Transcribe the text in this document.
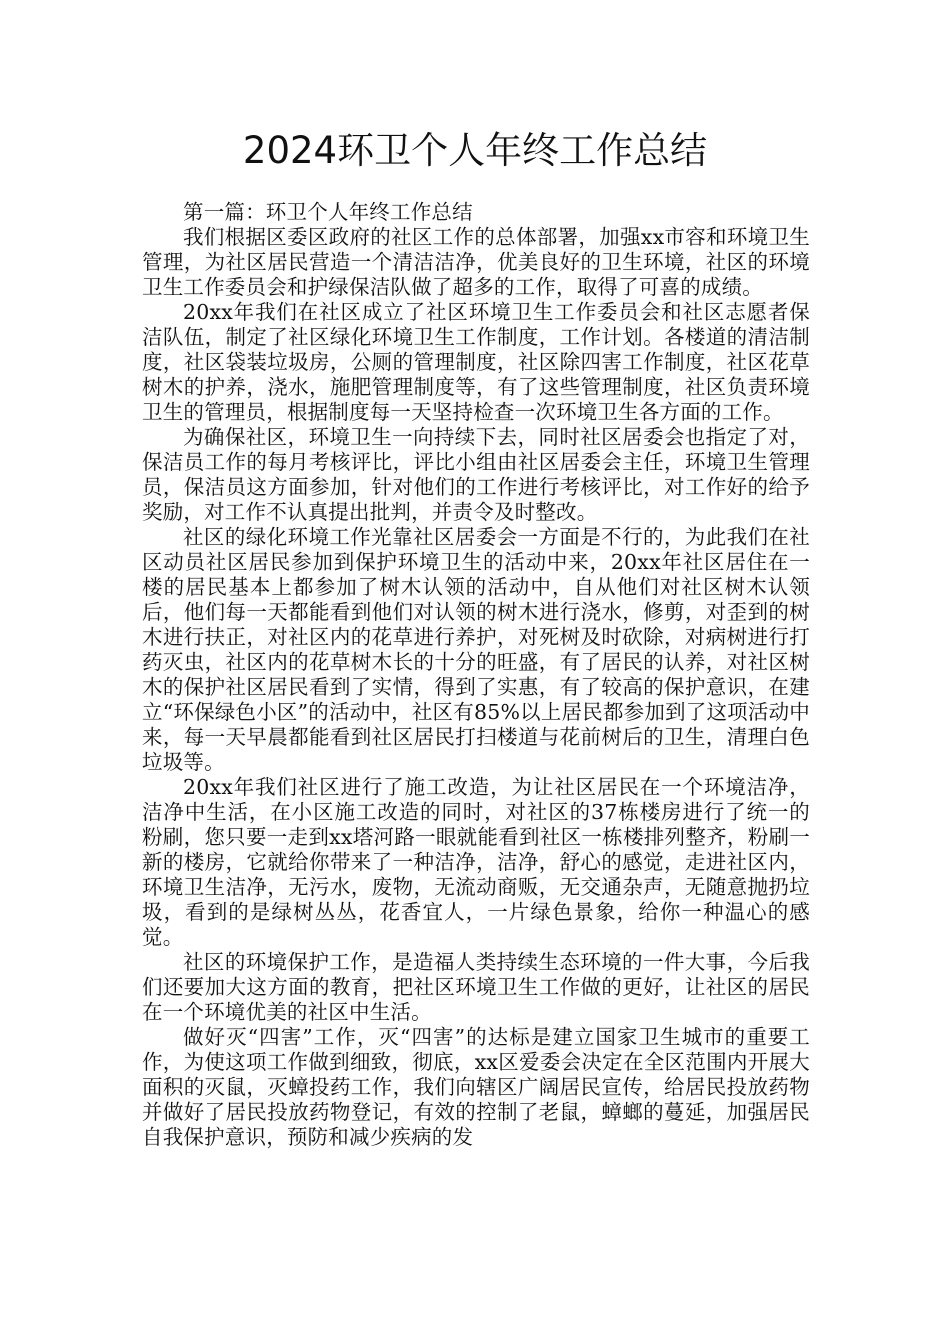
2024环卫个人年终工作总结

第一篇：环卫个人年终工作总结

我们根据区委区政府的社区工作的总体部署，加强xx市容和环境卫生管理，为社区居民营造一个清洁洁净，优美良好的卫生环境，社区的环境卫生工作委员会和护绿保洁队做了超多的工作，取得了可喜的成绩。

20xx年我们在社区成立了社区环境卫生工作委员会和社区志愿者保洁队伍，制定了社区绿化环境卫生工作制度，工作计划。各楼道的清洁制度，社区袋装垃圾房，公厕的管理制度，社区除四害工作制度，社区花草树木的护养，浇水，施肥管理制度等，有了这些管理制度，社区负责环境卫生的管理员，根据制度每一天坚持检查一次环境卫生各方面的工作。

为确保社区，环境卫生一向持续下去，同时社区居委会也指定了对，保洁员工作的每月考核评比，评比小组由社区居委会主任，环境卫生管理员，保洁员这方面参加，针对他们的工作进行考核评比，对工作好的给予奖励，对工作不认真提出批判，并责令及时整改。

社区的绿化环境工作光靠社区居委会一方面是不行的，为此我们在社区动员社区居民参加到保护环境卫生的活动中来，20xx年社区居住在一楼的居民基本上都参加了树木认领的活动中，自从他们对社区树木认领后，他们每一天都能看到他们对认领的树木进行浇水，修剪，对歪到的树木进行扶正，对社区内的花草进行养护，对死树及时砍除，对病树进行打药灭虫，社区内的花草树木长的十分的旺盛，有了居民的认养，对社区树木的保护社区居民看到了实情，得到了实惠，有了较高的保护意识，在建立“环保绿色小区”的活动中，社区有85%以上居民都参加到了这项活动中来，每一天早晨都能看到社区居民打扫楼道与花前树后的卫生，清理白色垃圾等。

20xx年我们社区进行了施工改造，为让社区居民在一个环境洁净，洁净中生活，在小区施工改造的同时，对社区的37栋楼房进行了统一的粉刷，您只要一走到xx塔河路一眼就能看到社区一栋楼排列整齐，粉刷一新的楼房，它就给你带来了一种洁净，洁净，舒心的感觉，走进社区内，环境卫生洁净，无污水，废物，无流动商贩，无交通杂声，无随意抛扔垃圾，看到的是绿树丛丛，花香宜人，一片绿色景象，给你一种温心的感觉。

社区的环境保护工作，是造福人类持续生态环境的一件大事，今后我们还要加大这方面的教育，把社区环境卫生工作做的更好，让社区的居民在一个环境优美的社区中生活。

做好灭“四害”工作，灭“四害”的达标是建立国家卫生城市的重要工作，为使这项工作做到细致，彻底，xx区爱委会决定在全区范围内开展大面积的灭鼠，灭蟑投药工作，我们向辖区广阔居民宣传，给居民投放药物并做好了居民投放药物登记，有效的控制了老鼠，蟑螂的蔓延，加强居民自我保护意识，预防和减少疾病的发
